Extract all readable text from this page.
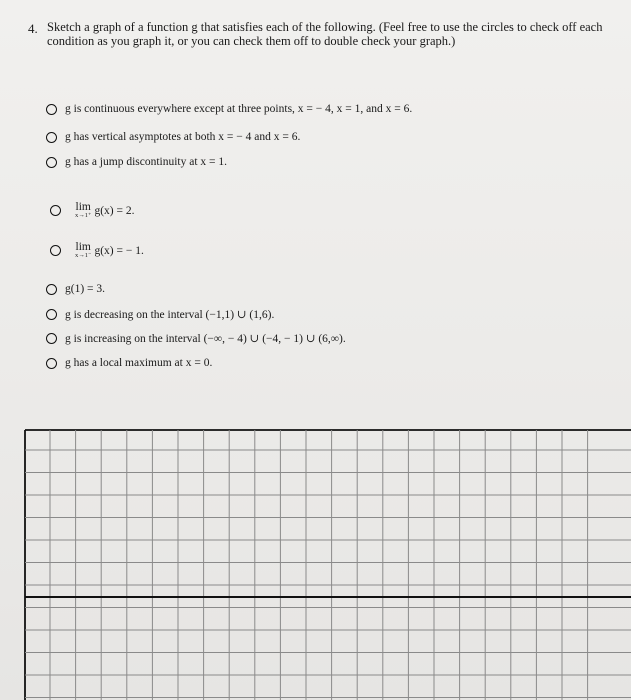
4. Sketch a graph of a function g that satisfies each of the following. (Feel free to use the circles to check off each condition as you graph it, or you can check them off to double check your graph.)
g is continuous everywhere except at three points, x = − 4, x = 1, and x = 6.
g has vertical asymptotes at both x = − 4 and x = 6.
g has a jump discontinuity at x = 1.
lim
x→1⁺ g(x) = 2.
lim
x→1⁻ g(x) = − 1.
g(1) = 3.
g is decreasing on the interval (−1,1) ∪ (1,6).
g is increasing on the interval (−∞, − 4) ∪ (−4, − 1) ∪ (6,∞).
g has a local maximum at x = 0.
